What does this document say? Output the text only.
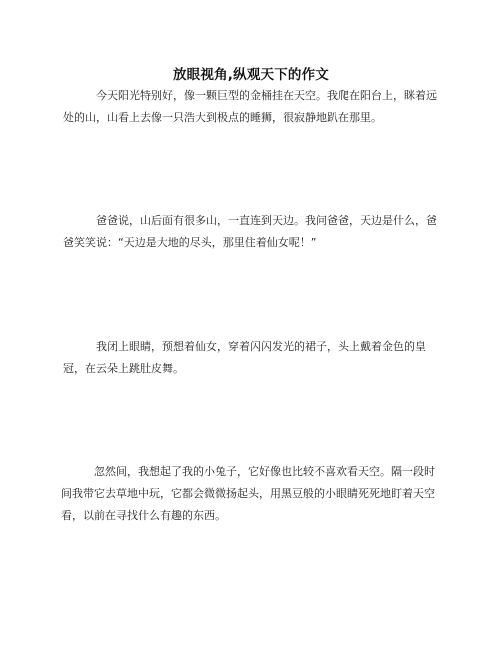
放眼视角,纵观天下的作文

今天阳光特别好，像一颗巨型的金桶挂在天空。我爬在阳台上，眯着远处的山，山看上去像一只浩大到极点的睡狮，很寂静地趴在那里。

爸爸说，山后面有很多山，一直连到天边。我问爸爸，天边是什么，爸爸笑笑说：“天边是大地的尽头，那里住着仙女呢！”

我闭上眼睛，预想着仙女，穿着闪闪发光的裙子，头上戴着金色的皇冠，在云朵上跳肚皮舞。

忽然间，我想起了我的小兔子，它好像也比较不喜欢看天空。隔一段时间我带它去草地中玩，它都会微微扬起头，用黑豆般的小眼睛死死地盯着天空看，以前在寻找什么有趣的东西。
